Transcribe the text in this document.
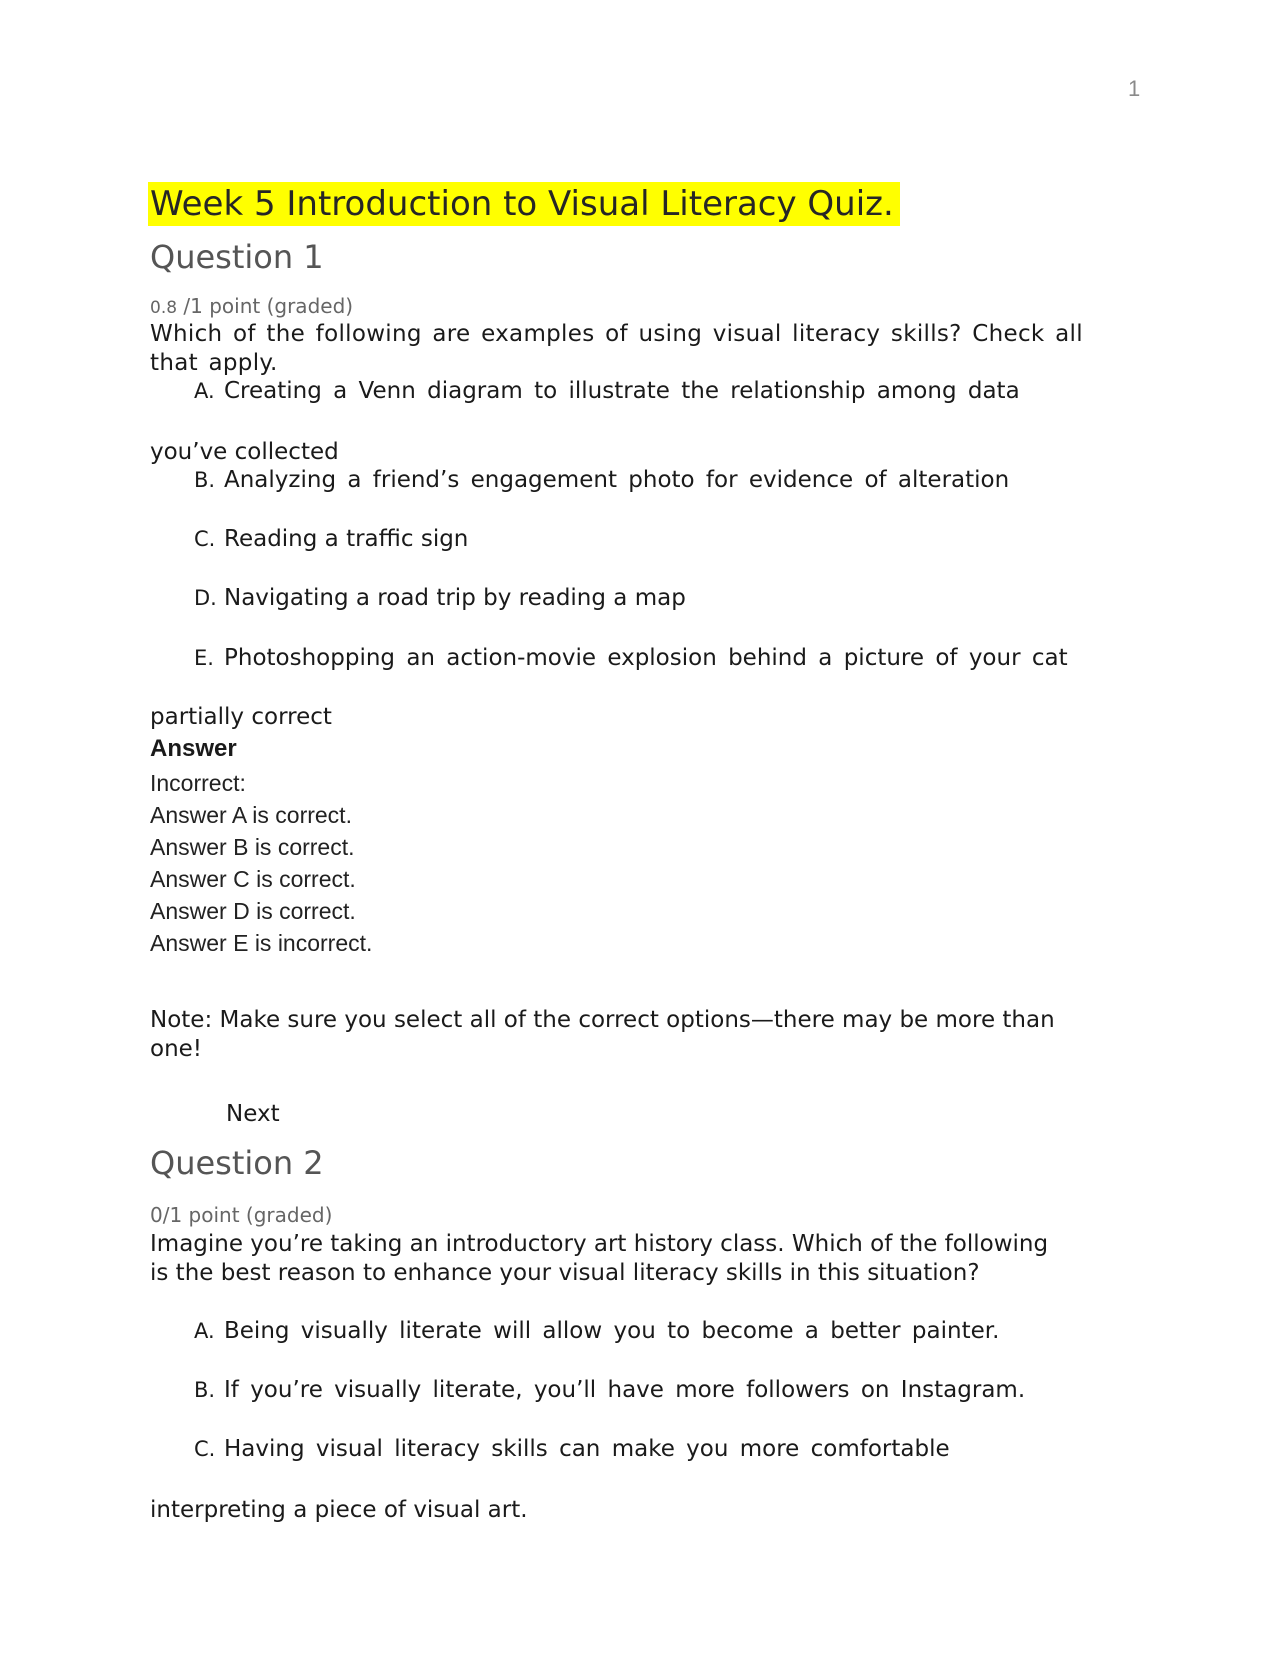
1
Week 5 Introduction to Visual Literacy Quiz.
Question 1
0.8 /1 point (graded)
Which of the following are examples of using visual literacy skills? Check all that apply.
A. Creating a Venn diagram to illustrate the relationship among data
you’ve collected
B. Analyzing a friend’s engagement photo for evidence of alteration
C. Reading a traffic sign
D. Navigating a road trip by reading a map
E. Photoshopping an action-movie explosion behind a picture of your cat
partially correct
Answer
Incorrect:
Answer A is correct.
Answer B is correct.
Answer C is correct.
Answer D is correct.
Answer E is incorrect.
Note: Make sure you select all of the correct options—there may be more than one!
Next
Question 2
0/1 point (graded)
Imagine you’re taking an introductory art history class. Which of the following is the best reason to enhance your visual literacy skills in this situation?
A. Being visually literate will allow you to become a better painter.
B. If you’re visually literate, you’ll have more followers on Instagram.
C. Having visual literacy skills can make you more comfortable
interpreting a piece of visual art.
